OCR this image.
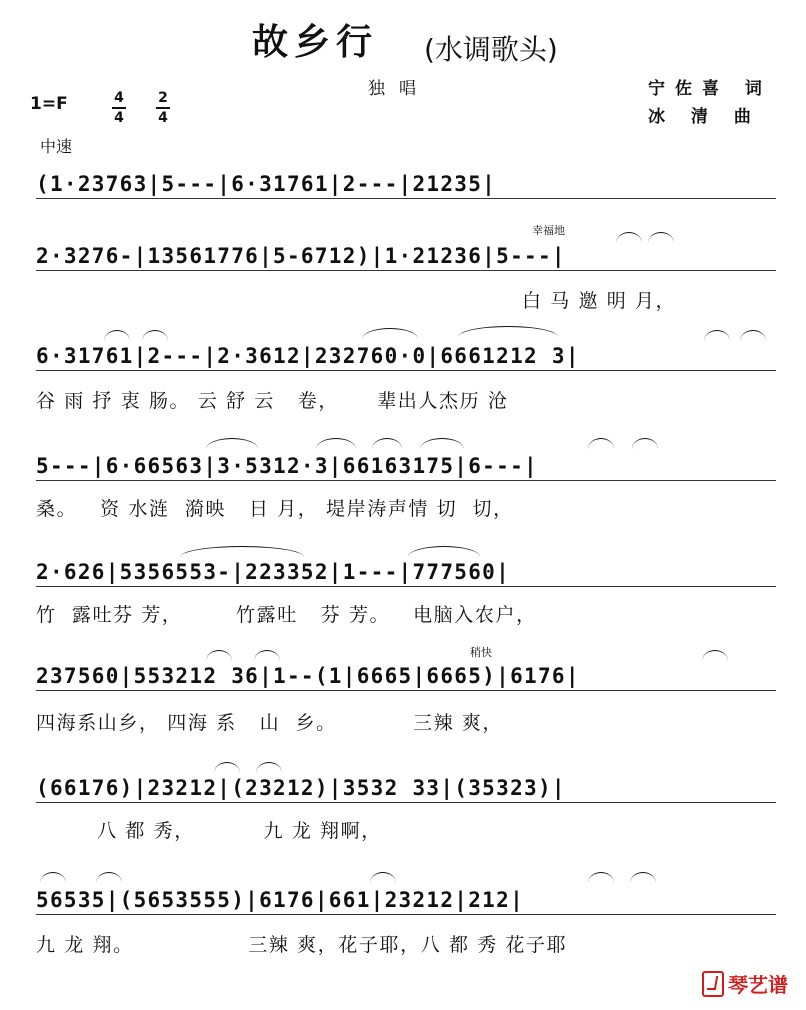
故乡行 (水调歌头)
独唱	宁佐喜 词
冰 清 曲
1=F	4
4
2
4
中速
幸福地
稍快
(1·23763|5---|6·31761|2---|21235|
2·3276-|13561776|5-6712)|1·21236|5---|
白 马 邀 明 月，
6·31761|2---|2·3612|232760·0|6661212 3|
谷 雨 抒 衷 肠。 云 舒 云   卷，     辈出人杰历 沧
5---|6·66563|3·5312·3|66163175|6---|
桑。   资 水涟  漪映   日 月， 堤岸涛声情 切  切，
2·626|5356553-|223352|1---|777560|
竹  露吐芬 芳，       竹露吐   芬 芳。   电脑入农户，
237560|553212 36|1--(1|6665|6665)|6176|
四海系山乡， 四海 系   山  乡。          三辣 爽，
(66176)|23212|(23212)|3532 33|(35323)|
八 都 秀，         九 龙 翔啊，
56535|(5653555)|6176|661|23212|212|
九 龙 翔。               三辣 爽，花子耶，八 都 秀 花子耶
琴艺谱
